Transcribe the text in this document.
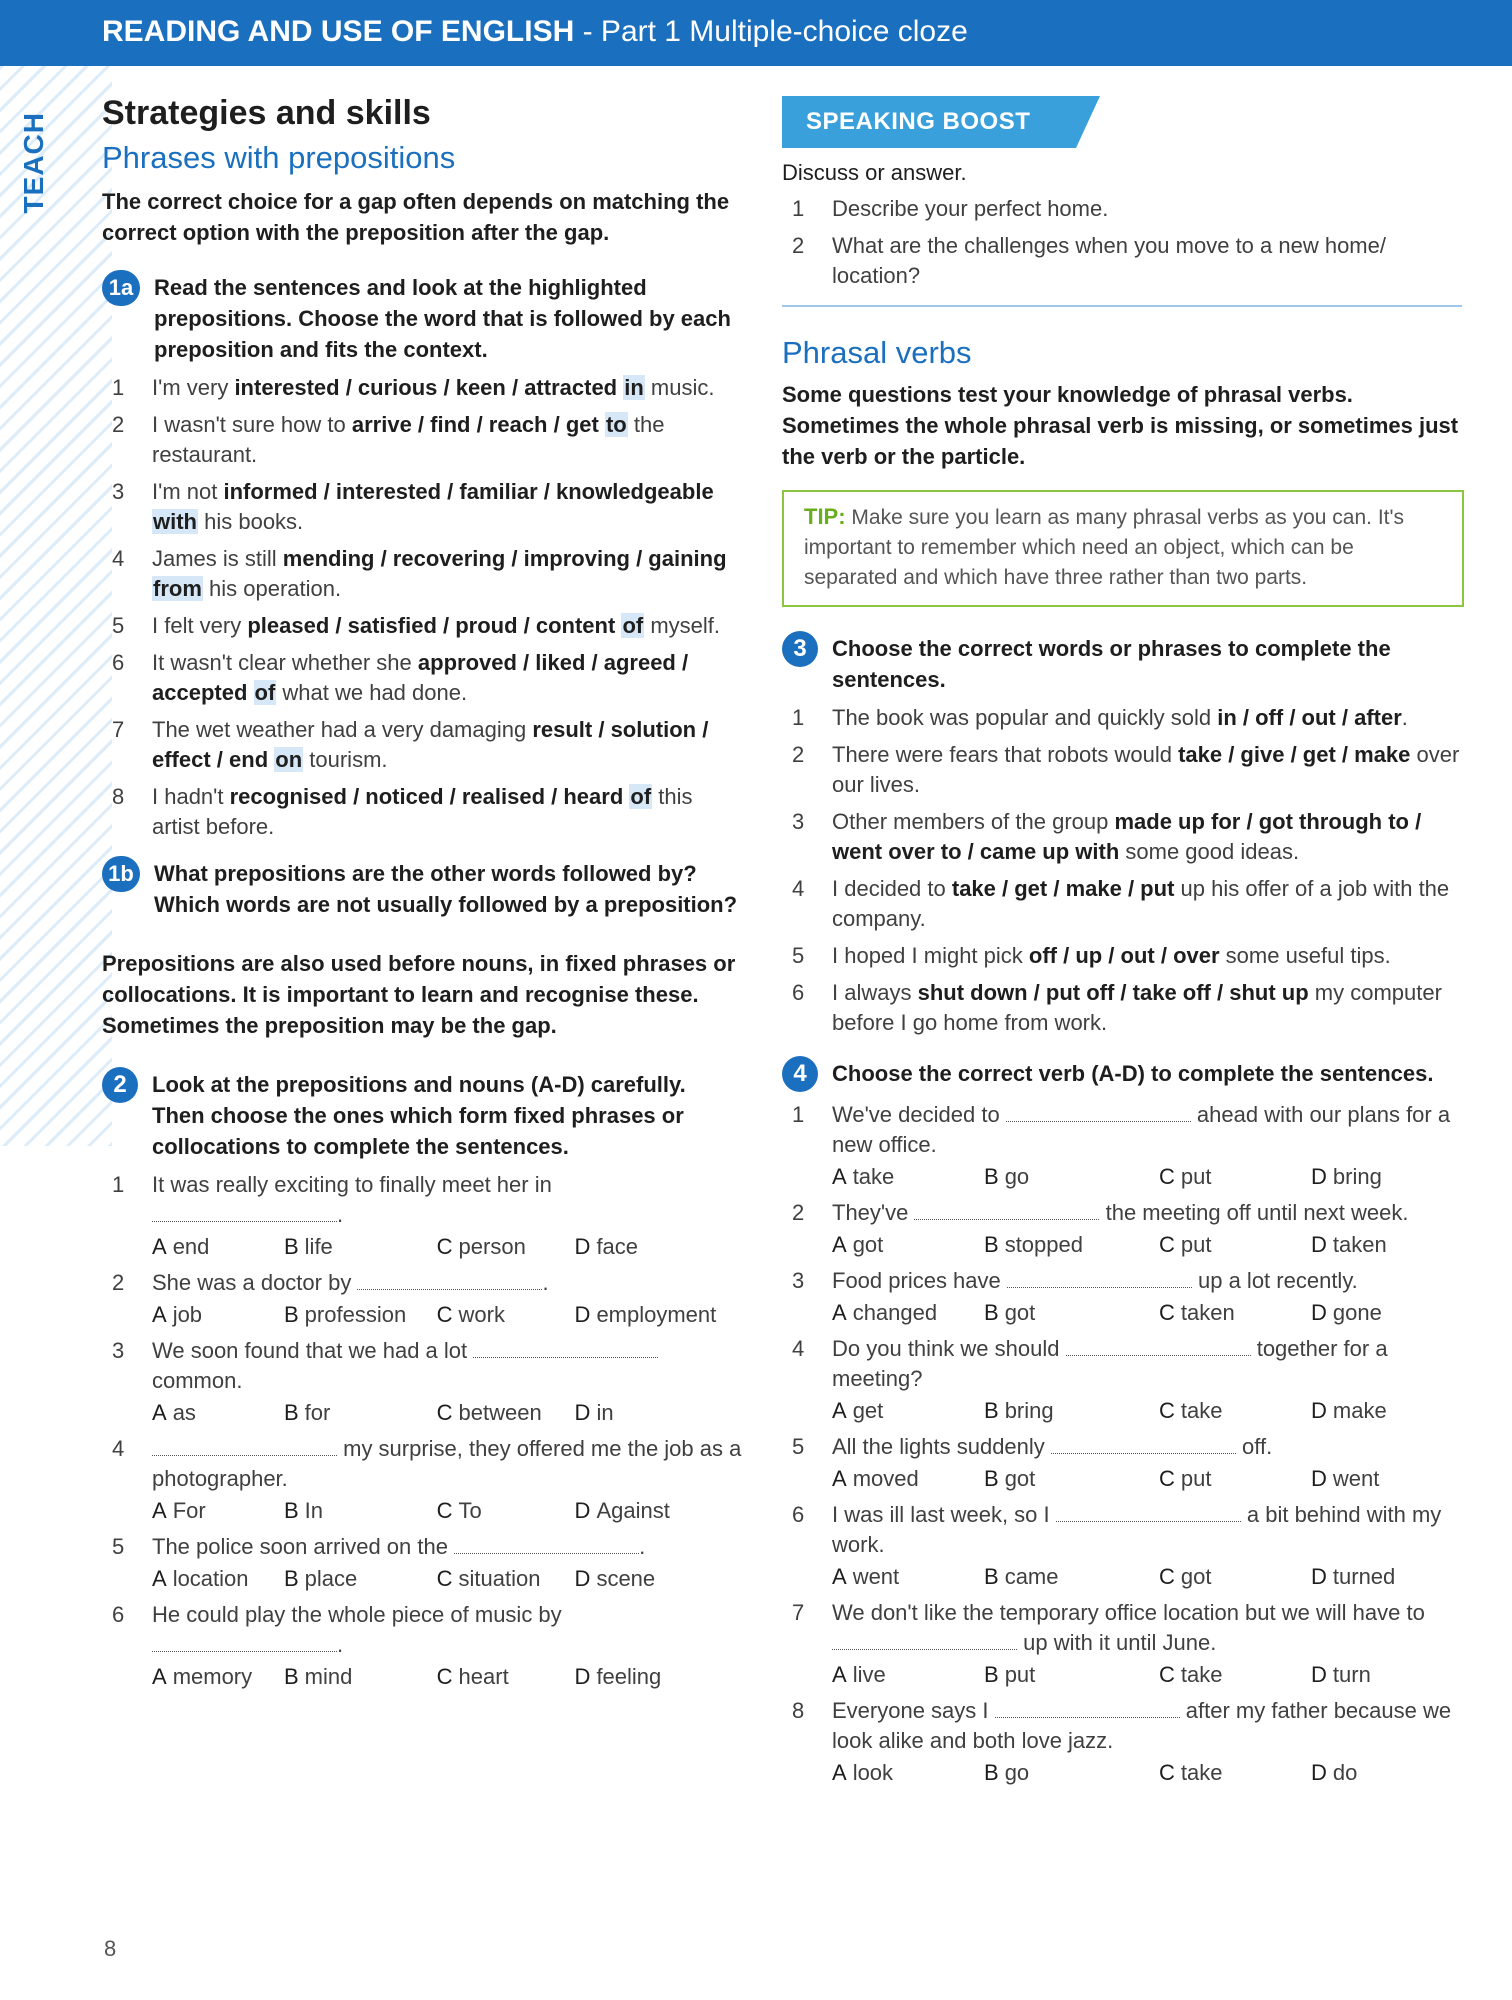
READING AND USE OF ENGLISH - Part 1 Multiple-choice cloze
TEACH Strategies and skills
Phrases with prepositions
The correct choice for a gap often depends on matching the correct option with the preposition after the gap.
1a Read the sentences and look at the highlighted prepositions. Choose the word that is followed by each preposition and fits the context.
1	I'm very interested / curious / keen / attracted in music.
2	I wasn't sure how to arrive / find / reach / get to the restaurant.
3	I'm not informed / interested / familiar / knowledgeable with his books.
4	James is still mending / recovering / improving / gaining from his operation.
5	I felt very pleased / satisfied / proud / content of myself.
6	It wasn't clear whether she approved / liked / agreed / accepted of what we had done.
7	The wet weather had a very damaging result / solution / effect / end on tourism.
8	I hadn't recognised / noticed / realised / heard of this artist before.
1b What prepositions are the other words followed by? Which words are not usually followed by a preposition?
Prepositions are also used before nouns, in fixed phrases or collocations. It is important to learn and recognise these. Sometimes the preposition may be the gap.
2	Look at the prepositions and nouns (A-D) carefully. Then choose the ones which form fixed phrases or collocations to complete the sentences.
1	It was really exciting to finally meet her in .
A end	B life	C person	D face
2	She was a doctor by	.
A job	B profession	C work	D employment
3	We soon found that we had a lot  common.
A as	B for	C between	D in
4	my surprise, they offered me the job as a photographer.
A For	B In	C To	D Against
5	The police soon arrived on the	.
A location	B place	C situation	D scene
6	He could play the whole piece of music by .
A memory	B mind	C heart	D feeling
SPEAKING BOOST
Discuss or answer.
1	Describe your perfect home.
2	What are the challenges when you move to a new home/ location?
Phrasal verbs
Some questions test your knowledge of phrasal verbs. Sometimes the whole phrasal verb is missing, or sometimes just the verb or the particle.
TIP: Make sure you learn as many phrasal verbs as you can. It's important to remember which need an object, which can be separated and which have three rather than two parts.
3	Choose the correct words or phrases to complete the sentences.
1	The book was popular and quickly sold in / off / out / after.
2	There were fears that robots would take / give / get / make over our lives.
3	Other members of the group made up for / got through to / went over to / came up with some good ideas.
4	I decided to take / get / make / put up his offer of a job with the company.
5	I hoped I might pick off / up / out / over some useful tips.
6	I always shut down / put off / take off / shut up my computer before I go home from work.
4	Choose the correct verb (A-D) to complete the sentences.
1	We've decided to	ahead with our plans for a new office.
A take	B go	C put	D bring
2	They've	the meeting off until next week.
A got	B stopped	C put	D taken
3	Food prices have	up a lot recently.
A changed	B got	C taken	D gone
4	Do you think we should	together for a meeting?
A get	B bring	C take	D make
5	All the lights suddenly	off.
A moved	B got	C put	D went
6	I was ill last week, so I	a bit behind with my work.
A went	B came	C got	D turned
7	We don't like the temporary office location but we will have to  up with it until June.
A live	B put	C take	D turn
8	Everyone says I	after my father because we look alike and both love jazz.
A look	B go	C take	D do
8
